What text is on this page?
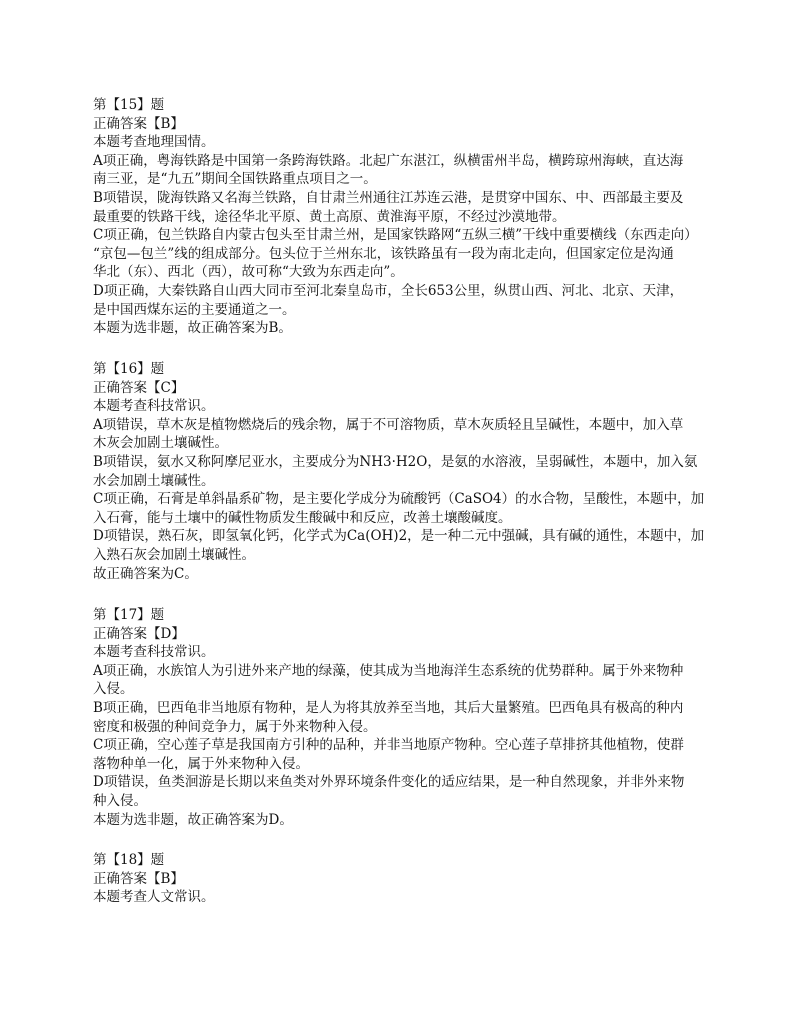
第【15】题
正确答案【B】
本题考查地理国情。
A项正确，粤海铁路是中国第一条跨海铁路。北起广东湛江，纵横雷州半岛，横跨琼州海峡，直达海
南三亚，是“九五”期间全国铁路重点项目之一。
B项错误，陇海铁路又名海兰铁路，自甘肃兰州通往江苏连云港，是贯穿中国东、中、西部最主要及
最重要的铁路干线，途径华北平原、黄土高原、黄淮海平原，不经过沙漠地带。
C项正确，包兰铁路自内蒙古包头至甘肃兰州，是国家铁路网“五纵三横”干线中重要横线（东西走向）
“京包—包兰”线的组成部分。包头位于兰州东北，该铁路虽有一段为南北走向，但国家定位是沟通
华北（东）、西北（西），故可称“大致为东西走向”。
D项正确，大秦铁路自山西大同市至河北秦皇岛市，全长653公里，纵贯山西、河北、北京、天津，
是中国西煤东运的主要通道之一。
本题为选非题，故正确答案为B。
第【16】题
正确答案【C】
本题考查科技常识。
A项错误，草木灰是植物燃烧后的残余物，属于不可溶物质，草木灰质轻且呈碱性，本题中，加入草
木灰会加剧土壤碱性。
B项错误，氨水又称阿摩尼亚水，主要成分为NH3·H2O，是氨的水溶液，呈弱碱性，本题中，加入氨
水会加剧土壤碱性。
C项正确，石膏是单斜晶系矿物，是主要化学成分为硫酸钙（CaSO4）的水合物，呈酸性，本题中，加
入石膏，能与土壤中的碱性物质发生酸碱中和反应，改善土壤酸碱度。
D项错误，熟石灰，即氢氧化钙，化学式为Ca(OH)2，是一种二元中强碱，具有碱的通性，本题中，加
入熟石灰会加剧土壤碱性。
故正确答案为C。
第【17】题
正确答案【D】
本题考查科技常识。
A项正确，水族馆人为引进外来产地的绿藻，使其成为当地海洋生态系统的优势群种。属于外来物种
入侵。
B项正确，巴西龟非当地原有物种，是人为将其放养至当地，其后大量繁殖。巴西龟具有极高的种内
密度和极强的种间竞争力，属于外来物种入侵。
C项正确，空心莲子草是我国南方引种的品种，并非当地原产物种。空心莲子草排挤其他植物，使群
落物种单一化，属于外来物种入侵。
D项错误，鱼类洄游是长期以来鱼类对外界环境条件变化的适应结果，是一种自然现象，并非外来物
种入侵。
本题为选非题，故正确答案为D。
第【18】题
正确答案【B】
本题考查人文常识。
